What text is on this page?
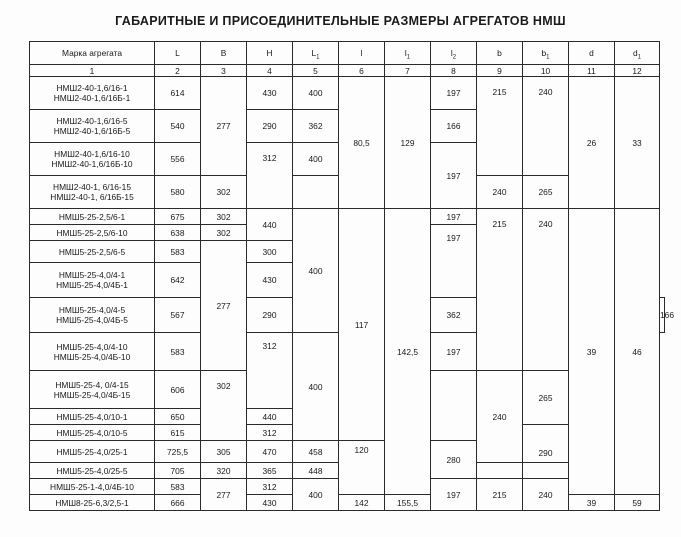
ГАБАРИТНЫЕ И ПРИСОЕДИНИТЕЛЬНЫЕ РАЗМЕРЫ АГРЕГАТОВ НМШ
Марка агрегата	L	B	H	$L_1$	l	$l_1$	$l_2$	b	$b_1$	d	$d_1$
1	2	3	4	5	6	7	8	9	10	11	12	
НМШ2-40-1,6/16-1
НМШ2-40-1,6/16Б-1	614	277	430	400	80,5	129	197	215	240	26	33	
НМШ2-40-1,6/16-5
НМШ2-40-1,6/16Б-5	540		290	362			166					
НМШ2-40-1,6/16-10
НМШ2-40-1,6/16Б-10	556		312	400			197					
НМШ2-40-1, 6/16-15
НМШ2-40-1, 6/16Б-15	580	302						240	265			
НМШ5-25-2,5/6-1	675	302	440	400	117	142,5	197	215	240	39	46	
НМШ5-25-2,5/6-10	638	302					197					
НМШ5-25-2,5/6-5	583	277	300									
НМШ5-25-4,0/4-1
НМШ5-25-4,0/4Б-1	642		430									
НМШ5-25-4,0/4-5
НМШ5-25-4,0/4Б-5	567		290				362					166
НМШ5-25-4,0/4-10
НМШ5-25-4,0/4Б-10	583		312	400			197					
НМШ5-25-4, 0/4-15
НМШ5-25-4,0/4Б-15	606	302						240	265			
НМШ5-25-4,0/10-1	650		440									
НМШ5-25-4,0/10-5	615		312						290			
НМШ5-25-4,0/25-1	725,5	305	470	458	120		280					
НМШ5-25-4,0/25-5	705	320	365	448								
НМШ5-25-1-4,0/4Б-10	583	277	312	400			197	215	240			
НМШ8-25-6,3/2,5-1	666		430		142	155,5				39	59	
